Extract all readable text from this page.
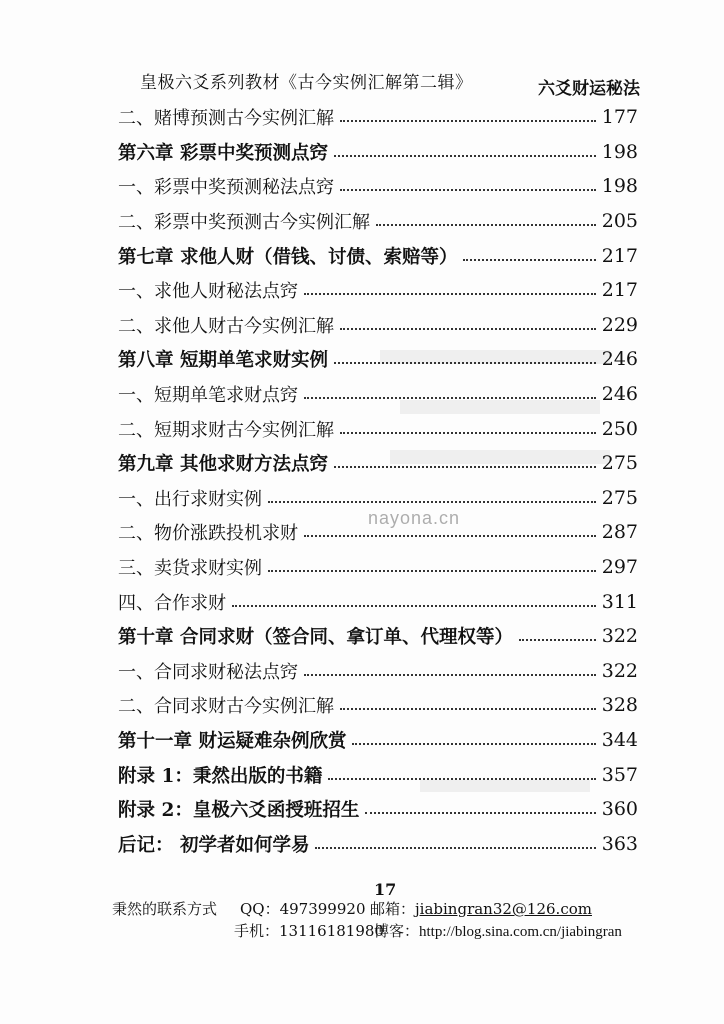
皇极六爻系列教材《古今实例汇解第二辑》	六爻财运秘法
二、赌博预测古今实例汇解	177
第六章 彩票中奖预测点窍	198
一、彩票中奖预测秘法点窍	198
二、彩票中奖预测古今实例汇解	205
第七章 求他人财（借钱、讨债、索赔等）	217
一、求他人财秘法点窍	217
二、求他人财古今实例汇解	229
第八章 短期单笔求财实例	246
一、短期单笔求财点窍	246
二、短期求财古今实例汇解	250
第九章 其他求财方法点窍	275
一、出行求财实例	275
二、物价涨跌投机求财	287
三、卖货求财实例	297
四、合作求财	311
第十章 合同求财（签合同、拿订单、代理权等）	322
一、合同求财秘法点窍	322
二、合同求财古今实例汇解	328
第十一章 财运疑难杂例欣赏	344
附录 1：秉然出版的书籍	357
附录 2：皇极六爻函授班招生	360
后记： 初学者如何学易	363
nayona.cn
17
秉然的联系方式 QQ：497399920 邮箱：jiabingran32@126.com
手机：13116181980
博客：http://blog.sina.com.cn/jiabingran
